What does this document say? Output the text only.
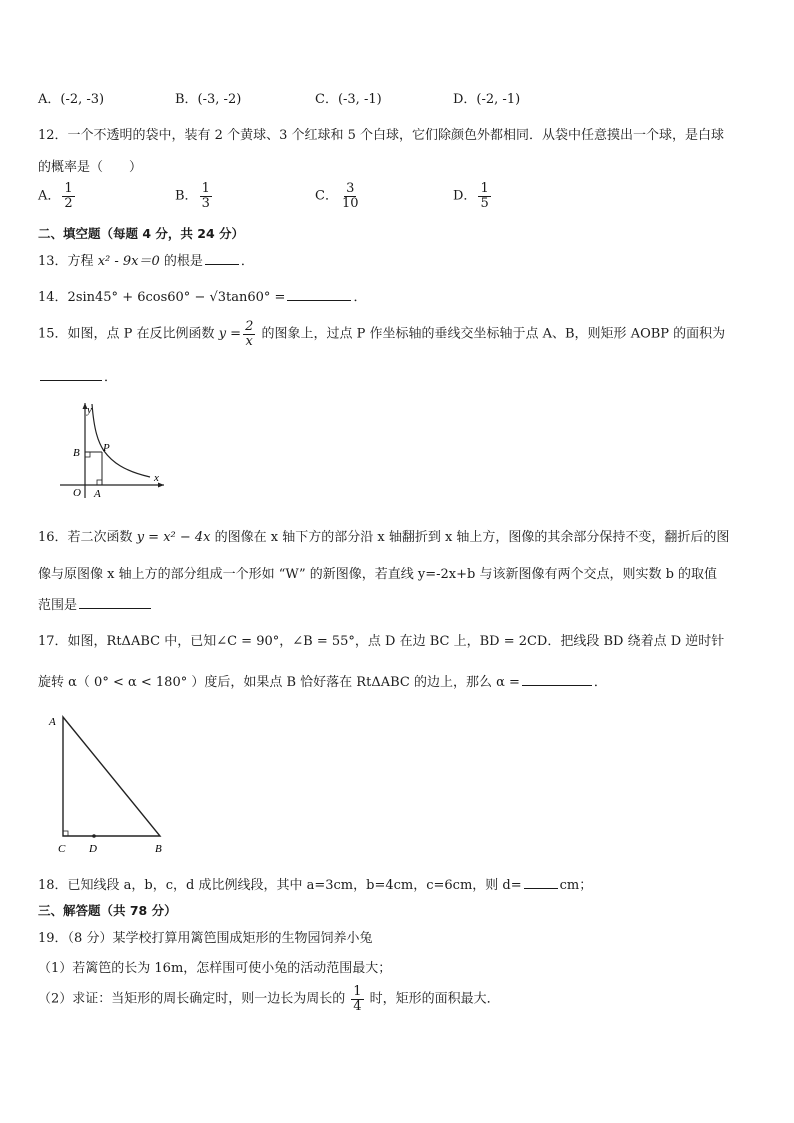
A．(-2, -3)	B．(-3, -2)	C．(-3, -1)	D．(-2, -1)
12．一个不透明的袋中，装有 2 个黄球、3 个红球和 5 个白球，它们除颜色外都相同．从袋中任意摸出一个球，是白球
的概率是（　　）
A． $\frac{1}{2}$	B． $\frac{1}{3}$	C． $\frac{3}{10}$	D． $\frac{1}{5}$
二、填空题（每题 4 分，共 24 分）
13．方程 x² - 9x＝0 的根是	．
14．2sin45° + 6cos60° − √3tan60° =	．
15．如图，点 P 在反比例函数 $y = \frac{2}{x}$ 的图象上，过点 P 作坐标轴的垂线交坐标轴于点 A、B，则矩形 AOBP 的面积为
．
y
x
O A
B P
16．若二次函数 y = x² − 4x 的图像在 x 轴下方的部分沿 x 轴翻折到 x 轴上方，图像的其余部分保持不变，翻折后的图
像与原图像 x 轴上方的部分组成一个形如 “W” 的新图像，若直线 y=-2x+b 与该新图像有两个交点，则实数 b 的取值
范围是
17．如图，RtΔABC 中，已知∠C = 90°，∠B = 55°，点 D 在边 BC 上，BD = 2CD．把线段 BD 绕着点 D 逆时针
旋转 α（ 0° < α < 180° ）度后，如果点 B 恰好落在 RtΔABC 的边上，那么 α =	．
A
C D	B
18．已知线段 a，b，c，d 成比例线段，其中 a=3cm，b=4cm，c=6cm，则 d=	cm；
三、解答题（共 78 分）
19．（8 分）某学校打算用篱笆围成矩形的生物园饲养小兔
（1）若篱笆的长为 16m，怎样围可使小兔的活动范围最大；
（2）求证：当矩形的周长确定时，则一边长为周长的 $\frac{1}{4}$ 时，矩形的面积最大．
